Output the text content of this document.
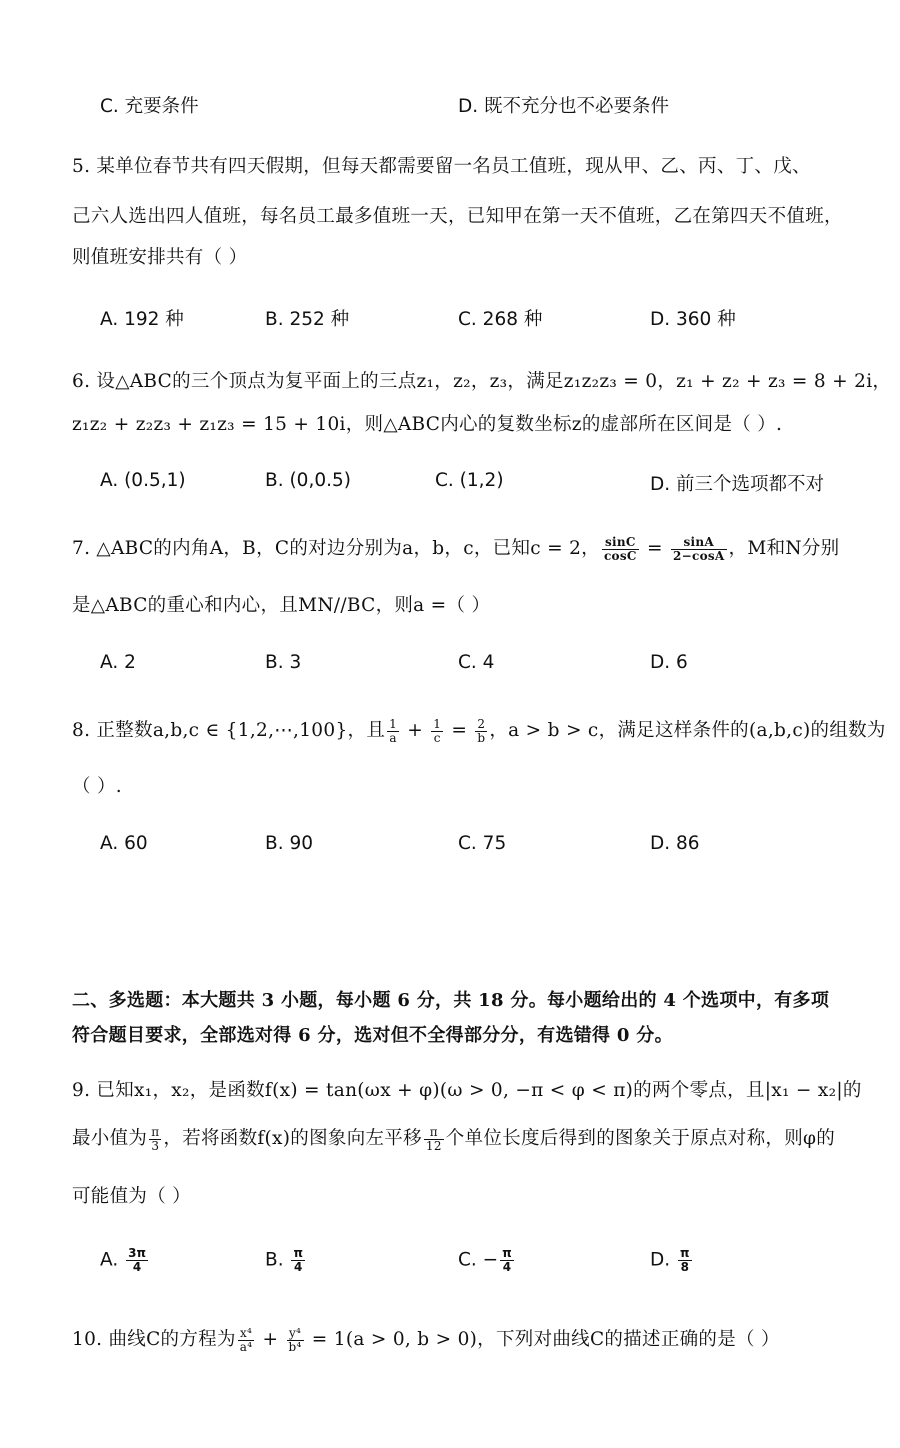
C. 充要条件	D. 既不充分也不必要条件
5. 某单位春节共有四天假期，但每天都需要留一名员工值班，现从甲、乙、丙、丁、戊、
己六人选出四人值班，每名员工最多值班一天，已知甲在第一天不值班，乙在第四天不值班，
则值班安排共有（ ）
A. 192 种	B. 252 种	C. 268 种	D. 360 种
6. 设△ABC的三个顶点为复平面上的三点z₁，z₂，z₃，满足z₁z₂z₃ = 0，z₁ + z₂ + z₃ = 8 + 2i，
z₁z₂ + z₂z₃ + z₁z₃ = 15 + 10i，则△ABC内心的复数坐标z的虚部所在区间是（ ）.
A. (0.5,1)	B. (0,0.5)	C. (1,2)	D. 前三个选项都不对
7. △ABC的内角A，B，C的对边分别为a，b，c，已知c = 2， $\frac{\sin C}{\cos C} = \frac{\sin A}{2-\cos A}$ ，M和N分别
是△ABC的重心和内心，且MN//BC，则a =（ ）
A. 2	B. 3	C. 4	D. 6
8. 正整数a,b,c ∈ {1,2,⋯,100}，且 $\frac{1}{a} + \frac{1}{c} = \frac{2}{b}$ ，a > b > c，满足这样条件的(a,b,c)的组数为
（ ）.
A. 60	B. 90	C. 75	D. 86
二、多选题：本大题共 3 小题，每小题 6 分，共 18 分。每小题给出的 4 个选项中，有多项
符合题目要求，全部选对得 6 分，选对但不全得部分分，有选错得 0 分。
9. 已知x₁，x₂，是函数f(x) = tan(ωx + φ)(ω > 0, −π < φ < π)的两个零点，且|x₁ − x₂|的
最小值为 $\frac{\pi}{3}$ ，若将函数f(x)的图象向左平移 $\frac{\pi}{12}$ 个单位长度后得到的图象关于原点对称，则φ的
可能值为（ ）
A. $\frac{3\pi}{4}$	B. $\frac{\pi}{4}$	C. − $\frac{\pi}{4}$	D. $\frac{\pi}{8}$
10. 曲线C的方程为 $\frac{\text{x⁴}}{\text{a⁴}} + \frac{\text{y⁴}}{\text{b⁴}} = 1(a > 0$, b > 0)，下列对曲线C的描述正确的是（ ）
